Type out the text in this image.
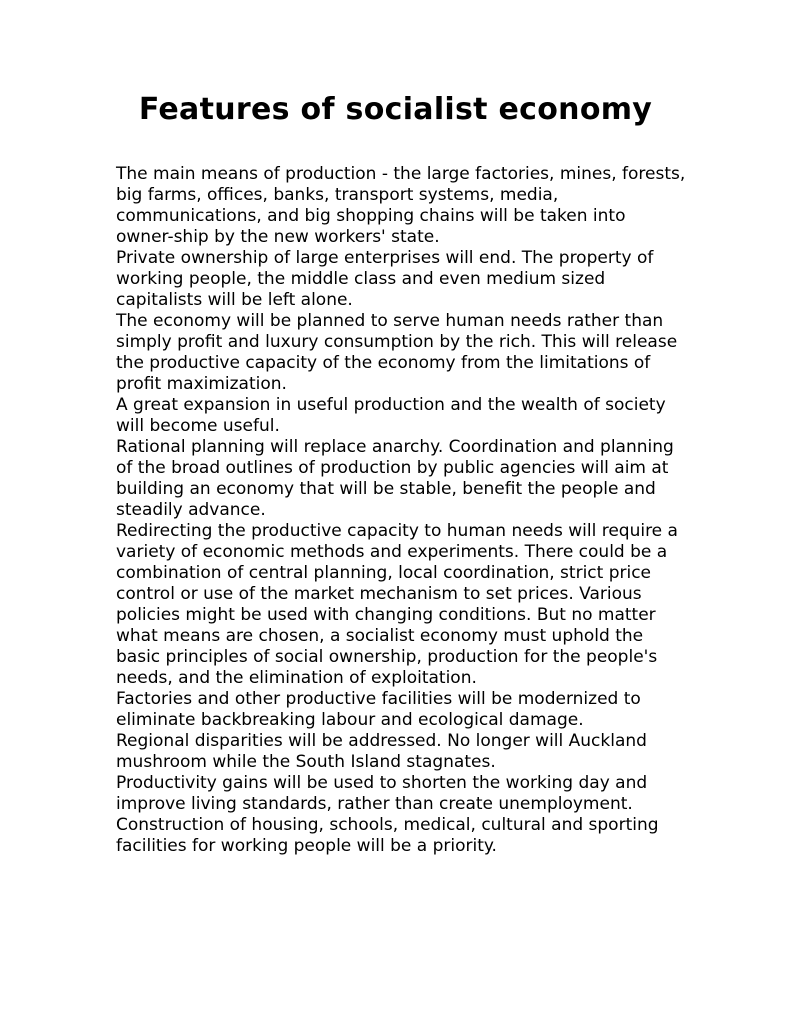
Features of socialist economy

The main means of production - the large factories, mines, forests, big farms, offices, banks, transport systems, media, communications, and big shopping chains will be taken into owner-ship by the new workers' state.

Private ownership of large enterprises will end. The property of working people, the middle class and even medium sized capitalists will be left alone.

The economy will be planned to serve human needs rather than simply profit and luxury consumption by the rich. This will release the productive capacity of the economy from the limitations of profit maximization.

A great expansion in useful production and the wealth of society will become useful.

Rational planning will replace anarchy. Coordination and planning of the broad outlines of production by public agencies will aim at building an economy that will be stable, benefit the people and steadily advance.

Redirecting the productive capacity to human needs will require a variety of economic methods and experiments. There could be a combination of central planning, local coordination, strict price control or use of the market mechanism to set prices. Various policies might be used with changing conditions. But no matter what means are chosen, a socialist economy must uphold the basic principles of social ownership, production for the people's needs, and the elimination of exploitation.

Factories and other productive facilities will be modernized to eliminate backbreaking labour and ecological damage.

Regional disparities will be addressed. No longer will Auckland mushroom while the South Island stagnates.

Productivity gains will be used to shorten the working day and improve living standards, rather than create unemployment. Construction of housing, schools, medical, cultural and sporting facilities for working people will be a priority.
